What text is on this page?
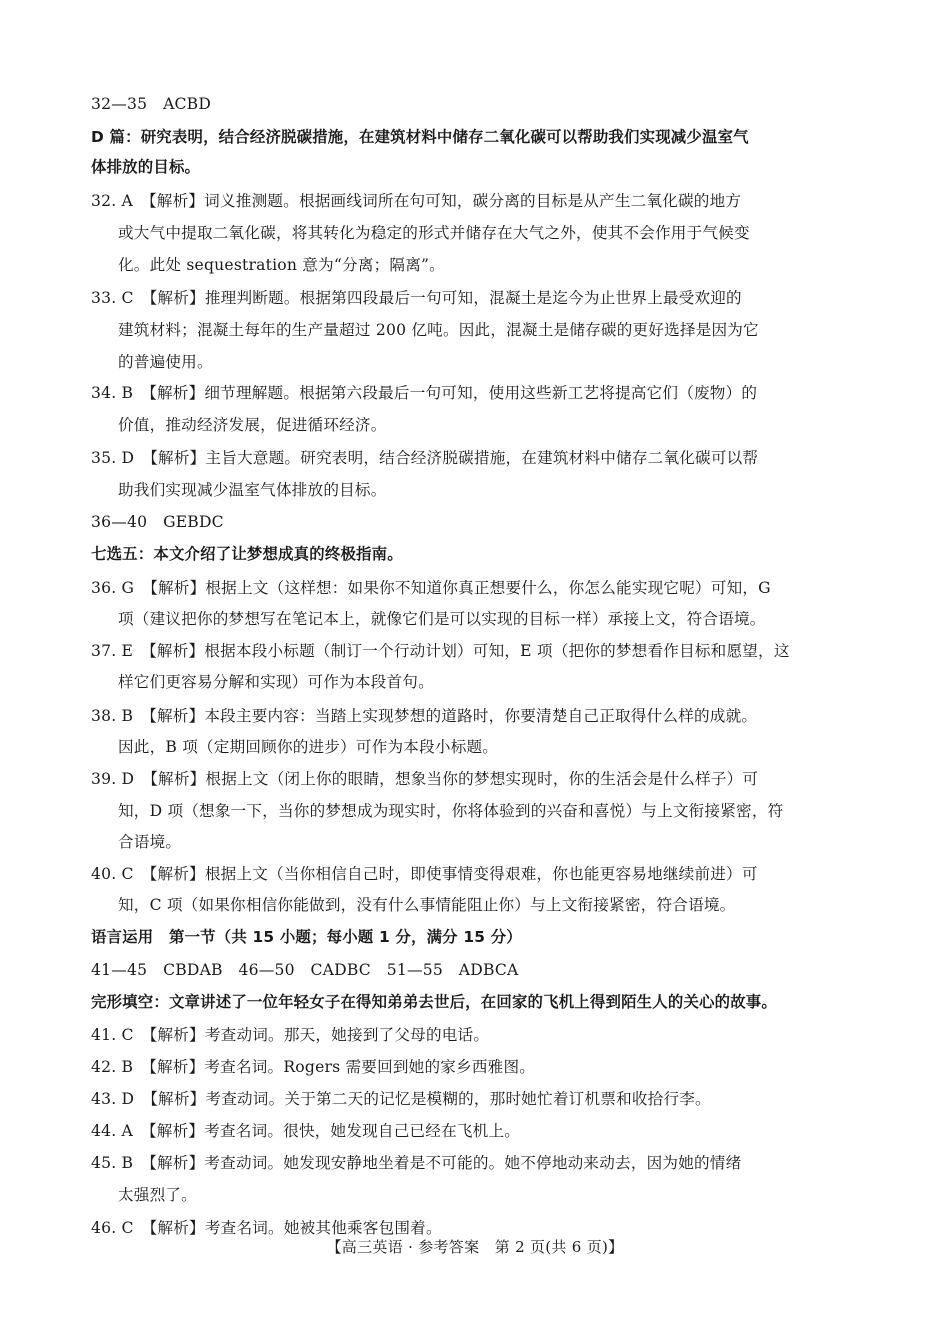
32—35　ACBD
D 篇：研究表明，结合经济脱碳措施，在建筑材料中储存二氧化碳可以帮助我们实现减少温室气
体排放的目标。
32. A　【解析】词义推测题。根据画线词所在句可知，碳分离的目标是从产生二氧化碳的地方
或大气中提取二氧化碳，将其转化为稳定的形式并储存在大气之外，使其不会作用于气候变
化。此处 sequestration 意为“分离；隔离”。
33. C　【解析】推理判断题。根据第四段最后一句可知，混凝土是迄今为止世界上最受欢迎的
建筑材料；混凝土每年的生产量超过 200 亿吨。因此，混凝土是储存碳的更好选择是因为它
的普遍使用。
34. B　【解析】细节理解题。根据第六段最后一句可知，使用这些新工艺将提高它们（废物）的
价值，推动经济发展，促进循环经济。
35. D　【解析】主旨大意题。研究表明，结合经济脱碳措施，在建筑材料中储存二氧化碳可以帮
助我们实现减少温室气体排放的目标。
36—40　GEBDC
七选五：本文介绍了让梦想成真的终极指南。
36. G　【解析】根据上文（这样想：如果你不知道你真正想要什么，你怎么能实现它呢）可知，G
项（建议把你的梦想写在笔记本上，就像它们是可以实现的目标一样）承接上文，符合语境。
37. E　【解析】根据本段小标题（制订一个行动计划）可知，E 项（把你的梦想看作目标和愿望，这
样它们更容易分解和实现）可作为本段首句。
38. B　【解析】本段主要内容：当踏上实现梦想的道路时，你要清楚自己正取得什么样的成就。
因此，B 项（定期回顾你的进步）可作为本段小标题。
39. D　【解析】根据上文（闭上你的眼睛，想象当你的梦想实现时，你的生活会是什么样子）可
知，D 项（想象一下，当你的梦想成为现实时，你将体验到的兴奋和喜悦）与上文衔接紧密，符
合语境。
40. C　【解析】根据上文（当你相信自己时，即使事情变得艰难，你也能更容易地继续前进）可
知，C 项（如果你相信你能做到，没有什么事情能阻止你）与上文衔接紧密，符合语境。
语言运用　第一节（共 15 小题；每小题 1 分，满分 15 分）
41—45　CBDAB　46—50　CADBC　51—55　ADBCA
完形填空：文章讲述了一位年轻女子在得知弟弟去世后，在回家的飞机上得到陌生人的关心的故事。
41. C　【解析】考查动词。那天，她接到了父母的电话。
42. B　【解析】考查名词。Rogers 需要回到她的家乡西雅图。
43. D　【解析】考查动词。关于第二天的记忆是模糊的，那时她忙着订机票和收拾行李。
44. A　【解析】考查名词。很快，她发现自己已经在飞机上。
45. B　【解析】考查动词。她发现安静地坐着是不可能的。她不停地动来动去，因为她的情绪
太强烈了。
46. C　【解析】考查名词。她被其他乘客包围着。
【高三英语 · 参考答案　第 2 页(共 6 页)】
